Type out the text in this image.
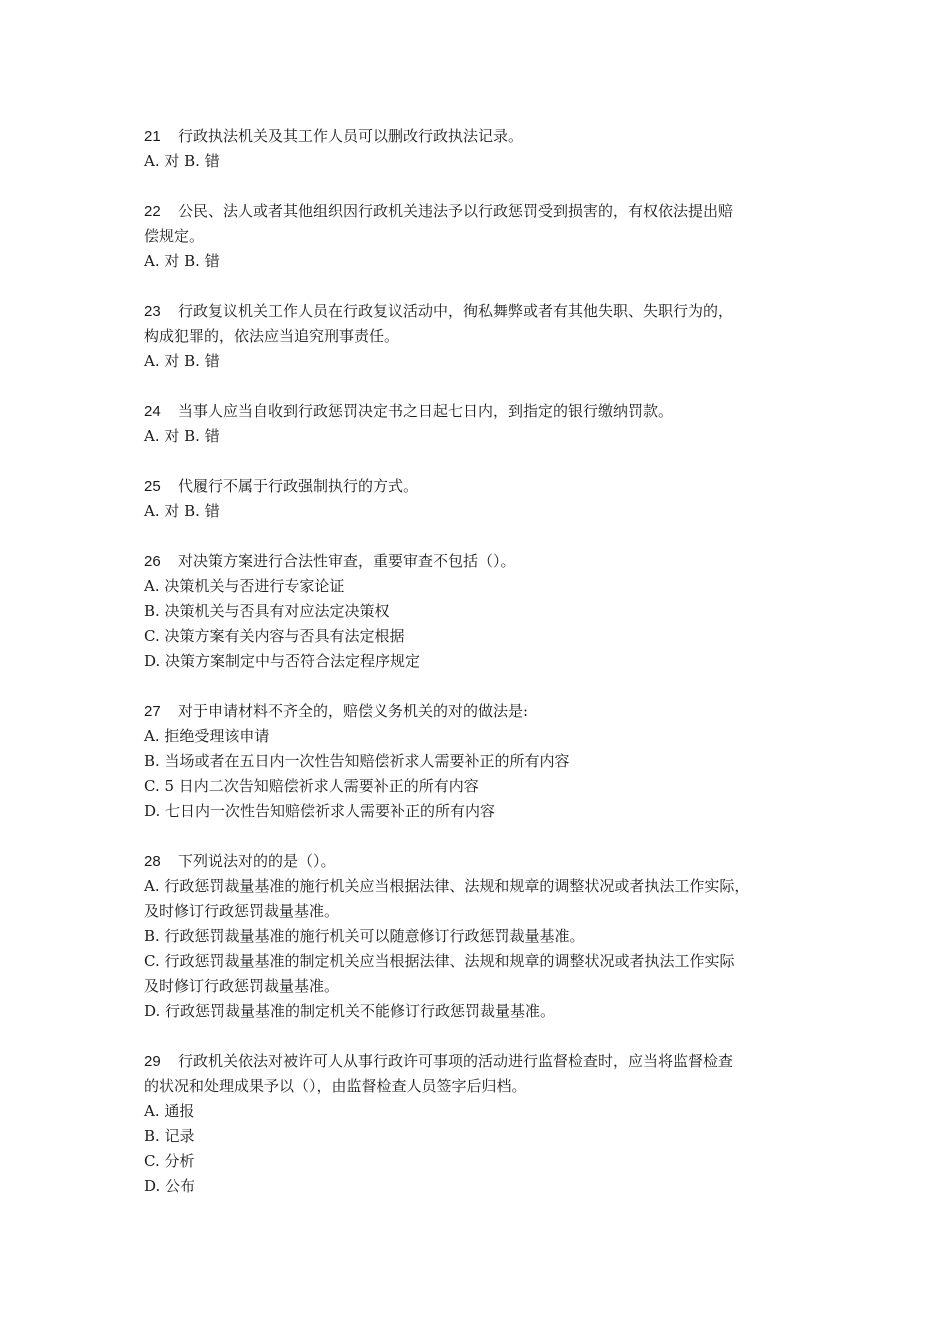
21 行政执法机关及其工作人员可以删改行政执法记录。
A. 对 B. 错
22 公民、法人或者其他组织因行政机关违法予以行政惩罚受到损害的，有权依法提出赔
偿规定。
A. 对 B. 错
23 行政复议机关工作人员在行政复议活动中，徇私舞弊或者有其他失职、失职行为的，
构成犯罪的，依法应当追究刑事责任。
A. 对 B. 错
24 当事人应当自收到行政惩罚决定书之日起七日内，到指定的银行缴纳罚款。
A. 对 B. 错
25 代履行不属于行政强制执行的方式。
A. 对 B. 错
26 对决策方案进行合法性审查，重要审查不包括（）。
A. 决策机关与否进行专家论证
B. 决策机关与否具有对应法定决策权
C. 决策方案有关内容与否具有法定根据
D. 决策方案制定中与否符合法定程序规定
27 对于申请材料不齐全的，赔偿义务机关的对的做法是:
A. 拒绝受理该申请
B. 当场或者在五日内一次性告知赔偿祈求人需要补正的所有内容
C. 5 日内二次告知赔偿祈求人需要补正的所有内容
D. 七日内一次性告知赔偿祈求人需要补正的所有内容
28 下列说法对的的是（）。
A. 行政惩罚裁量基准的施行机关应当根据法律、法规和规章的调整状况或者执法工作实际，
及时修订行政惩罚裁量基准。
B. 行政惩罚裁量基准的施行机关可以随意修订行政惩罚裁量基准。
C. 行政惩罚裁量基准的制定机关应当根据法律、法规和规章的调整状况或者执法工作实际
及时修订行政惩罚裁量基准。
D. 行政惩罚裁量基准的制定机关不能修订行政惩罚裁量基准。
29 行政机关依法对被许可人从事行政许可事项的活动进行监督检查时，应当将监督检查
的状况和处理成果予以（），由监督检查人员签字后归档。
A. 通报
B. 记录
C. 分析
D. 公布
